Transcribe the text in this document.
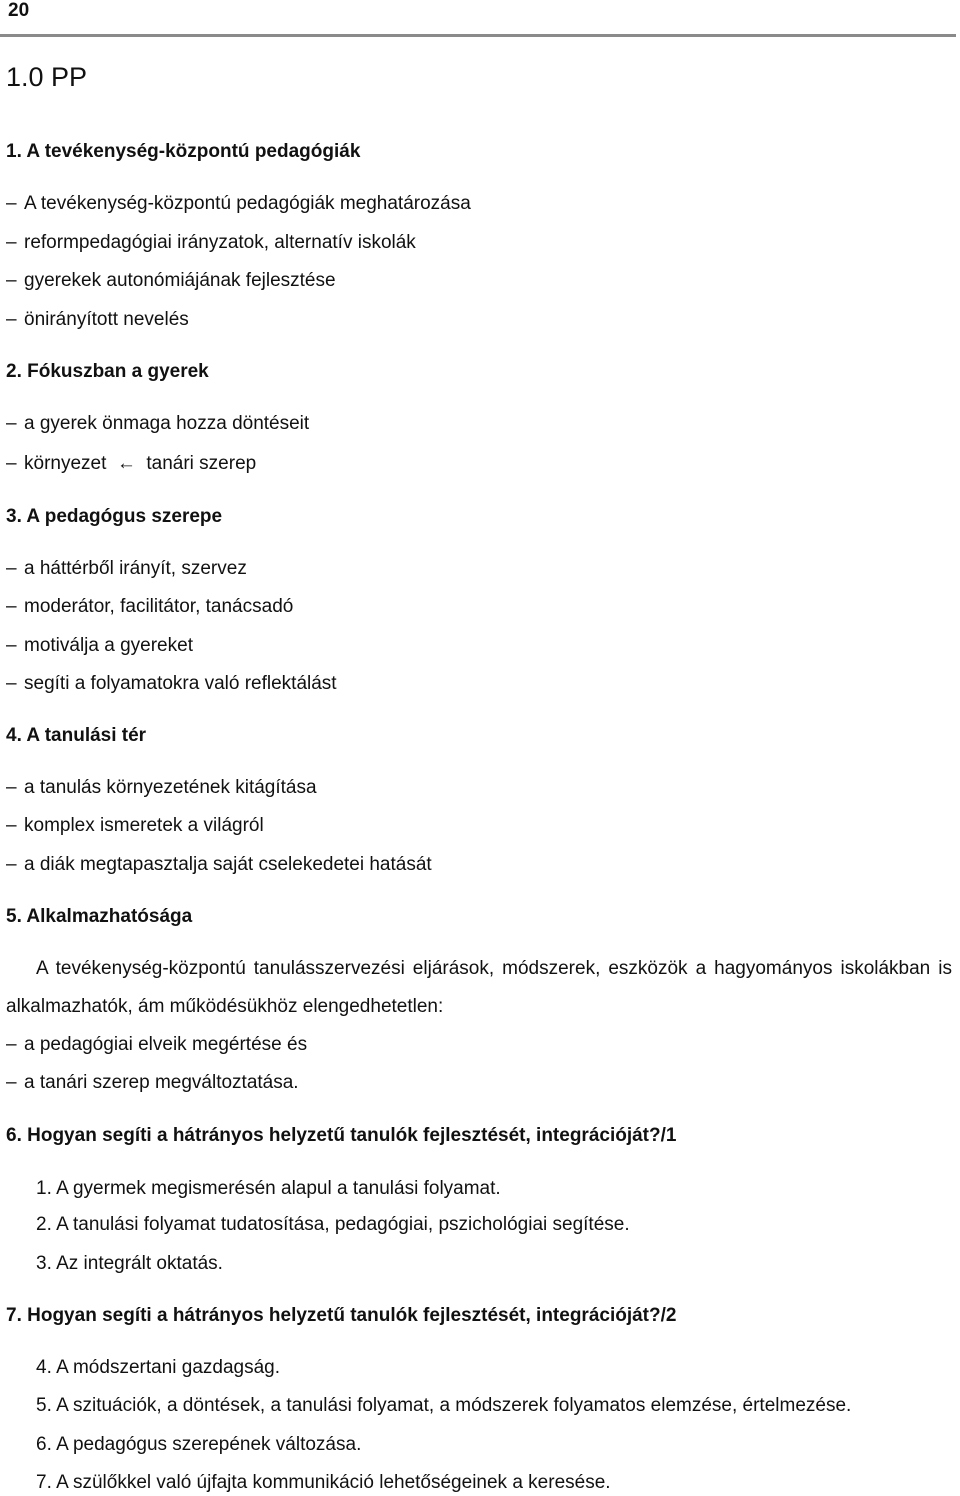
20
1.0 PP
1. A tevékenység-központú pedagógiák
– A tevékenység-központú pedagógiák meghatározása
– reformpedagógiai irányzatok, alternatív iskolák
– gyerekek autonómiájának fejlesztése
– önirányított nevelés
2. Fókuszban a gyerek
– a gyerek önmaga hozza döntéseit
– környezet ← tanári szerep
3. A pedagógus szerepe
– a háttérből irányít, szervez
– moderátor, facilitátor, tanácsadó
– motiválja a gyereket
– segíti a folyamatokra való reflektálást
4. A tanulási tér
– a tanulás környezetének kitágítása
– komplex ismeretek a világról
– a diák megtapasztalja saját cselekedetei hatását
5. Alkalmazhatósága
A tevékenység-központú tanulásszervezési eljárások, módszerek, eszközök a hagyományos iskolákban is alkalmazhatók, ám működésükhöz elengedhetetlen:
– a pedagógiai elveik megértése és
– a tanári szerep megváltoztatása.
6. Hogyan segíti a hátrányos helyzetű tanulók fejlesztését, integrációját?/1
1. A gyermek megismerésén alapul a tanulási folyamat.
2. A tanulási folyamat tudatosítása, pedagógiai, pszichológiai segítése.
3. Az integrált oktatás.
7. Hogyan segíti a hátrányos helyzetű tanulók fejlesztését, integrációját?/2
4. A módszertani gazdagság.
5. A szituációk, a döntések, a tanulási folyamat, a módszerek folyamatos elemzése, értelmezése.
6. A pedagógus szerepének változása.
7. A szülőkkel való újfajta kommunikáció lehetőségeinek a keresése.
